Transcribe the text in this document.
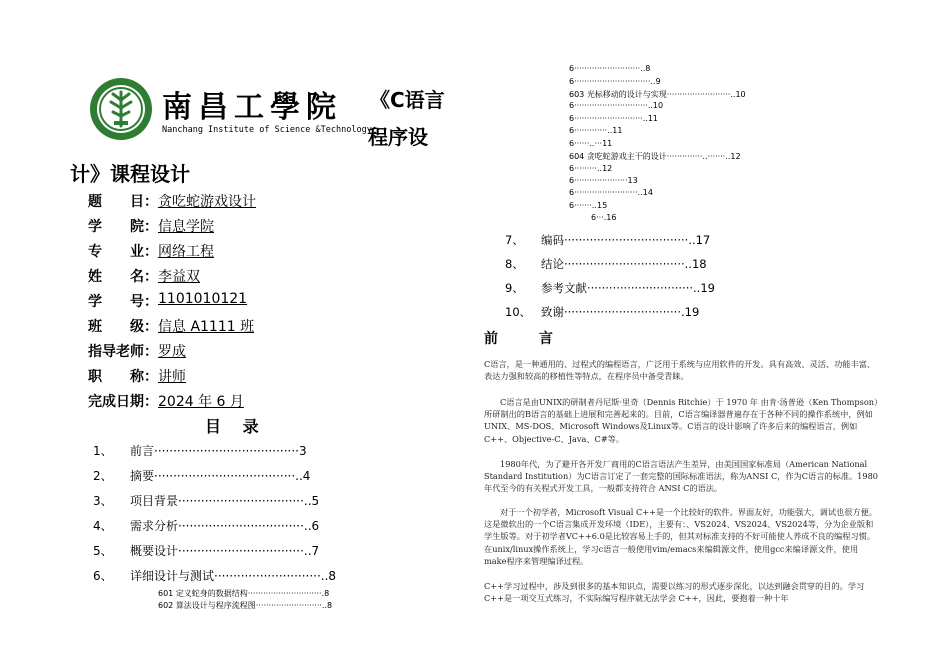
南昌工學院
Nanchang Institute of Science &Technology
《C语言
程序设
计》课程设计
题　　目： 贪吃蛇游戏设计
学　　院： 信息学院
专　　业： 网络工程
姓　　名： 李益双
学　　号： 1101010121
班　　级： 信息 A1111 班
指导老师： 罗成
职　　称： 讲师
完成日期： 2024 年 6 月
目 录
1、 前言······································3
2、 摘要·····································..4
3、 项目背景·································..5
4、 需求分析·································..6
5、 概要设计·································..7
6、 详细设计与测试····························..8
601 定义蛇身的数据结构·····························.8
602 算法设计与程序流程图··························..8
6··························..8
6······························..9
603 光标移动的设计与实现·························..10
6·····························..10
6···························..11
6·············..11
6······..···11
604 贪吃蛇游戏主干的设计··············..·······..12
6·········..12
6·····················13
6·························..14
6·······..15
6···.16
7、 编码··································..17
8、 结论·································..18
9、 参考文献·····························..19
10、 致谢································.19
前 言
C语言，是一种通用的、过程式的编程语言，广泛用于系统与应用软件的开发。具有高效、灵活、功能丰富、表达力强和较高的移植性等特点，在程序员中备受青睐。
C语言是由UNIX的研制者丹尼斯·里奇（Dennis Ritchie）于 1970 年 由肯·汤普逊（Ken Thompson）所研制出的B语言的基础上进展和完善起来的。目前，C语言编译器普遍存在于各种不同的操作系统中，例如UNIX、MS-DOS、Microsoft Windows及Linux等。C语言的设计影响了许多后来的编程语言，例如C++、Objective-C、Java、C#等。
1980年代，为了避开各开发厂商用的C语言语法产生差异，由美国国家标准局（American National Standard Institution）为C语言订定了一套完整的国际标准语法，称为ANSI C，作为C语言的标准。1980年代至今的有关程式开发工具，一般都支持符合 ANSI C的语法。
对于一个初学者，Microsoft Visual C++是一个比较好的软件。界面友好，功能强大，调试也很方便。这是微软出的一个C语言集成开发环境（IDE），主要有：、VS2024、VS2024、VS2024等，分为企业版和学生版等。对于初学者VC++6.0是比较容易上手的，但其对标准支持的不好可能使人养成不良的编程习惯。在unix/linux操作系统上，学习c语言一般使用vim/emacs来编辑源文件，使用gcc来编译源文件，使用make程序来管理编译过程。
C++学习过程中，涉及到很多的基本知识点，需要以练习的形式逐步深化，以达到融会贯穿的目的。学习 C++是一项交互式练习，不实际编写程序就无法学会 C++，因此，要抱着一种十年
